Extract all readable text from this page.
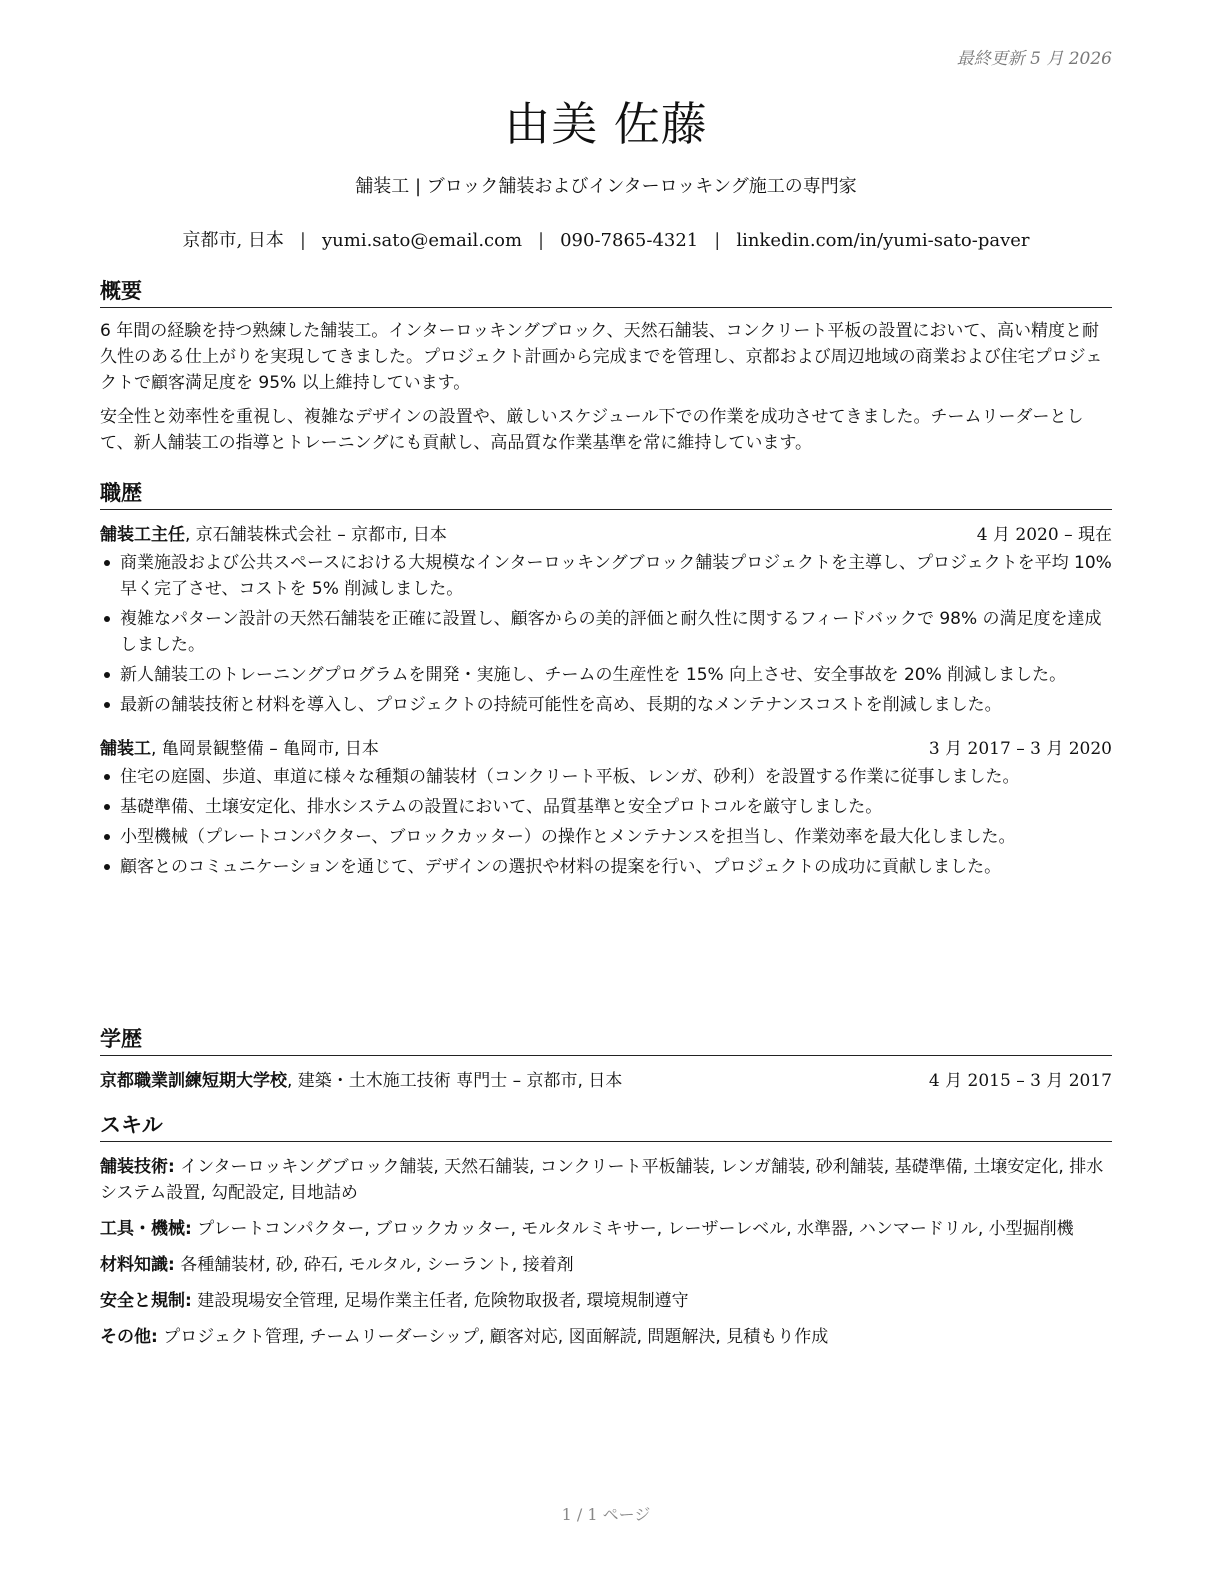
最終更新 5 月 2026
由美 佐藤
舗装工 | ブロック舗装およびインターロッキング施工の専門家
京都市, 日本 | yumi.sato@email.com | 090-7865-4321 | linkedin.com/in/yumi-sato-paver
概要

6 年間の経験を持つ熟練した舗装工。インターロッキングブロック、天然石舗装、コンクリート平板の設置において、高い精度と耐久性のある仕上がりを実現してきました。プロジェクト計画から完成までを管理し、京都および周辺地域の商業および住宅プロジェクトで顧客満足度を 95% 以上維持しています。

安全性と効率性を重視し、複雑なデザインの設置や、厳しいスケジュール下での作業を成功させてきました。チームリーダーとして、新人舗装工の指導とトレーニングにも貢献し、高品質な作業基準を常に維持しています。

職歴
舗装工主任, 京石舗装株式会社 – 京都市, 日本	4 月 2020 – 現在
商業施設および公共スペースにおける大規模なインターロッキングブロック舗装プロジェクトを主導し、プロジェクトを平均 10% 早く完了させ、コストを 5% 削減しました。
複雑なパターン設計の天然石舗装を正確に設置し、顧客からの美的評価と耐久性に関するフィードバックで 98% の満足度を達成しました。
新人舗装工のトレーニングプログラムを開発・実施し、チームの生産性を 15% 向上させ、安全事故を 20% 削減しました。
最新の舗装技術と材料を導入し、プロジェクトの持続可能性を高め、長期的なメンテナンスコストを削減しました。
舗装工, 亀岡景観整備 – 亀岡市, 日本	3 月 2017 – 3 月 2020
住宅の庭園、歩道、車道に様々な種類の舗装材（コンクリート平板、レンガ、砂利）を設置する作業に従事しました。
基礎準備、土壌安定化、排水システムの設置において、品質基準と安全プロトコルを厳守しました。
小型機械（プレートコンパクター、ブロックカッター）の操作とメンテナンスを担当し、作業効率を最大化しました。
顧客とのコミュニケーションを通じて、デザインの選択や材料の提案を行い、プロジェクトの成功に貢献しました。
学歴
京都職業訓練短期大学校, 建築・土木施工技術 専門士 – 京都市, 日本	4 月 2015 – 3 月 2017
スキル

舗装技術: インターロッキングブロック舗装, 天然石舗装, コンクリート平板舗装, レンガ舗装, 砂利舗装, 基礎準備, 土壌安定化, 排水システム設置, 勾配設定, 目地詰め

工具・機械: プレートコンパクター, ブロックカッター, モルタルミキサー, レーザーレベル, 水準器, ハンマードリル, 小型掘削機

材料知識: 各種舗装材, 砂, 砕石, モルタル, シーラント, 接着剤

安全と規制: 建設現場安全管理, 足場作業主任者, 危険物取扱者, 環境規制遵守

その他: プロジェクト管理, チームリーダーシップ, 顧客対応, 図面解読, 問題解決, 見積もり作成

1 / 1 ページ
